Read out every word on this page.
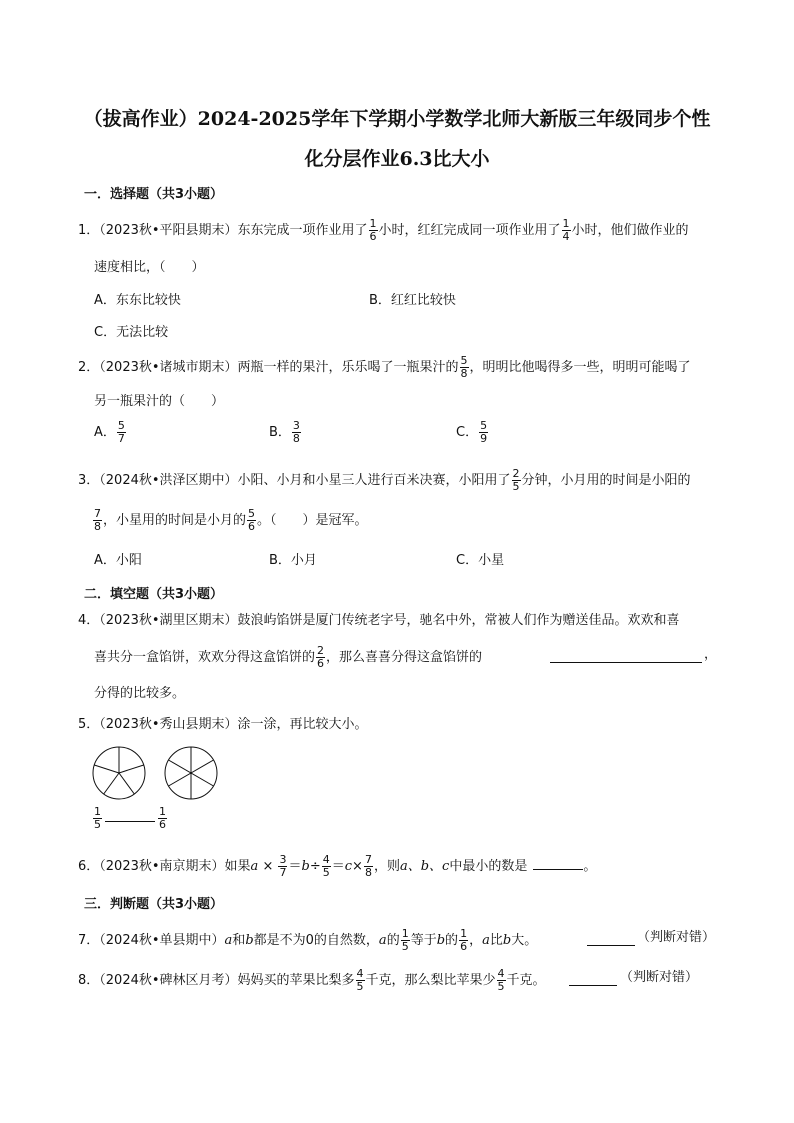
（拔高作业）2024-2025学年下学期小学数学北师大新版三年级同步个性
化分层作业6.3比大小
一．选择题（共3小题）
1．（2023秋•平阳县期末）东东完成一项作业用了 $\frac{1}{6}$ 小时，红红完成同一项作业用了 $\frac{1}{4}$ 小时，他们做作业的
速度相比，（　　）
A．东东比较快	B．红红比较快
C．无法比较
2．（2023秋•诸城市期末）两瓶一样的果汁，乐乐喝了一瓶果汁的 $\frac{5}{8}$ ，明明比他喝得多一些，明明可能喝了
另一瓶果汁的（　　）
A． $\frac{5}{7}$	B． $\frac{3}{8}$	C． $\frac{5}{9}$
3．（2024秋•洪泽区期中）小阳、小月和小星三人进行百米决赛，小阳用了 $\frac{2}{5}$ 分钟，小月用的时间是小阳的
$\frac{7}{8}$ ，小星用的时间是小月的 $\frac{5}{6}$ 。（　　）是冠军。
A．小阳	B．小月	C．小星
二．填空题（共3小题）
4．（2023秋•湖里区期末）鼓浪屿馅饼是厦门传统老字号，驰名中外，常被人们作为赠送佳品。欢欢和喜
喜共分一盒馅饼，欢欢分得这盒馅饼的 $\frac{2}{6}$ ，那么喜喜分得这盒馅饼的	，
分得的比较多。
5．（2023秋•秀山县期末）涂一涂，再比较大小。
$\frac{1}{5}$	$\frac{1}{6}$
6．（2023秋•南京期末）如果$a \times \frac{3}{7} =b\div \frac{4}{5} =c\times \frac{7}{8}$ ，则a、b、c中最小的数是	。
三．判断题（共3小题）
7．（2024秋•单县期中）a和b都是不为0的自然数，a的 $\frac{1}{5}$ 等于b的 $\frac{1}{6}$ ，a比b大。	（判断对错）
8．（2024秋•碑林区月考）妈妈买的苹果比梨多 $\frac{4}{5}$ 千克，那么梨比苹果少 $\frac{4}{5}$ 千克。	（判断对错）
